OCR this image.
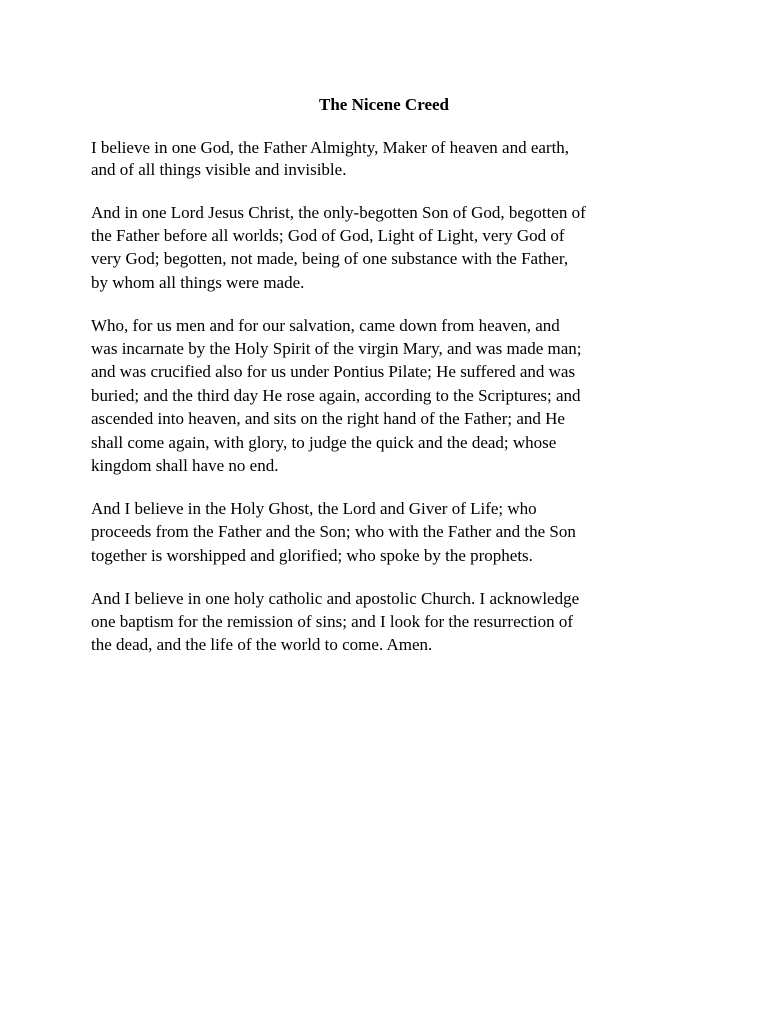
The Nicene Creed

I believe in one God, the Father Almighty, Maker of heaven and earth,

and of all things visible and invisible.

And in one Lord Jesus Christ, the only-begotten Son of God, begotten of

the Father before all worlds; God of God, Light of Light, very God of

very God; begotten, not made, being of one substance with the Father,

by whom all things were made.

Who, for us men and for our salvation, came down from heaven, and

was incarnate by the Holy Spirit of the virgin Mary, and was made man;

and was crucified also for us under Pontius Pilate; He suffered and was

buried; and the third day He rose again, according to the Scriptures; and

ascended into heaven, and sits on the right hand of the Father; and He

shall come again, with glory, to judge the quick and the dead; whose

kingdom shall have no end.

And I believe in the Holy Ghost, the Lord and Giver of Life; who

proceeds from the Father and the Son; who with the Father and the Son

together is worshipped and glorified; who spoke by the prophets.

And I believe in one holy catholic and apostolic Church. I acknowledge

one baptism for the remission of sins; and I look for the resurrection of

the dead, and the life of the world to come. Amen.
